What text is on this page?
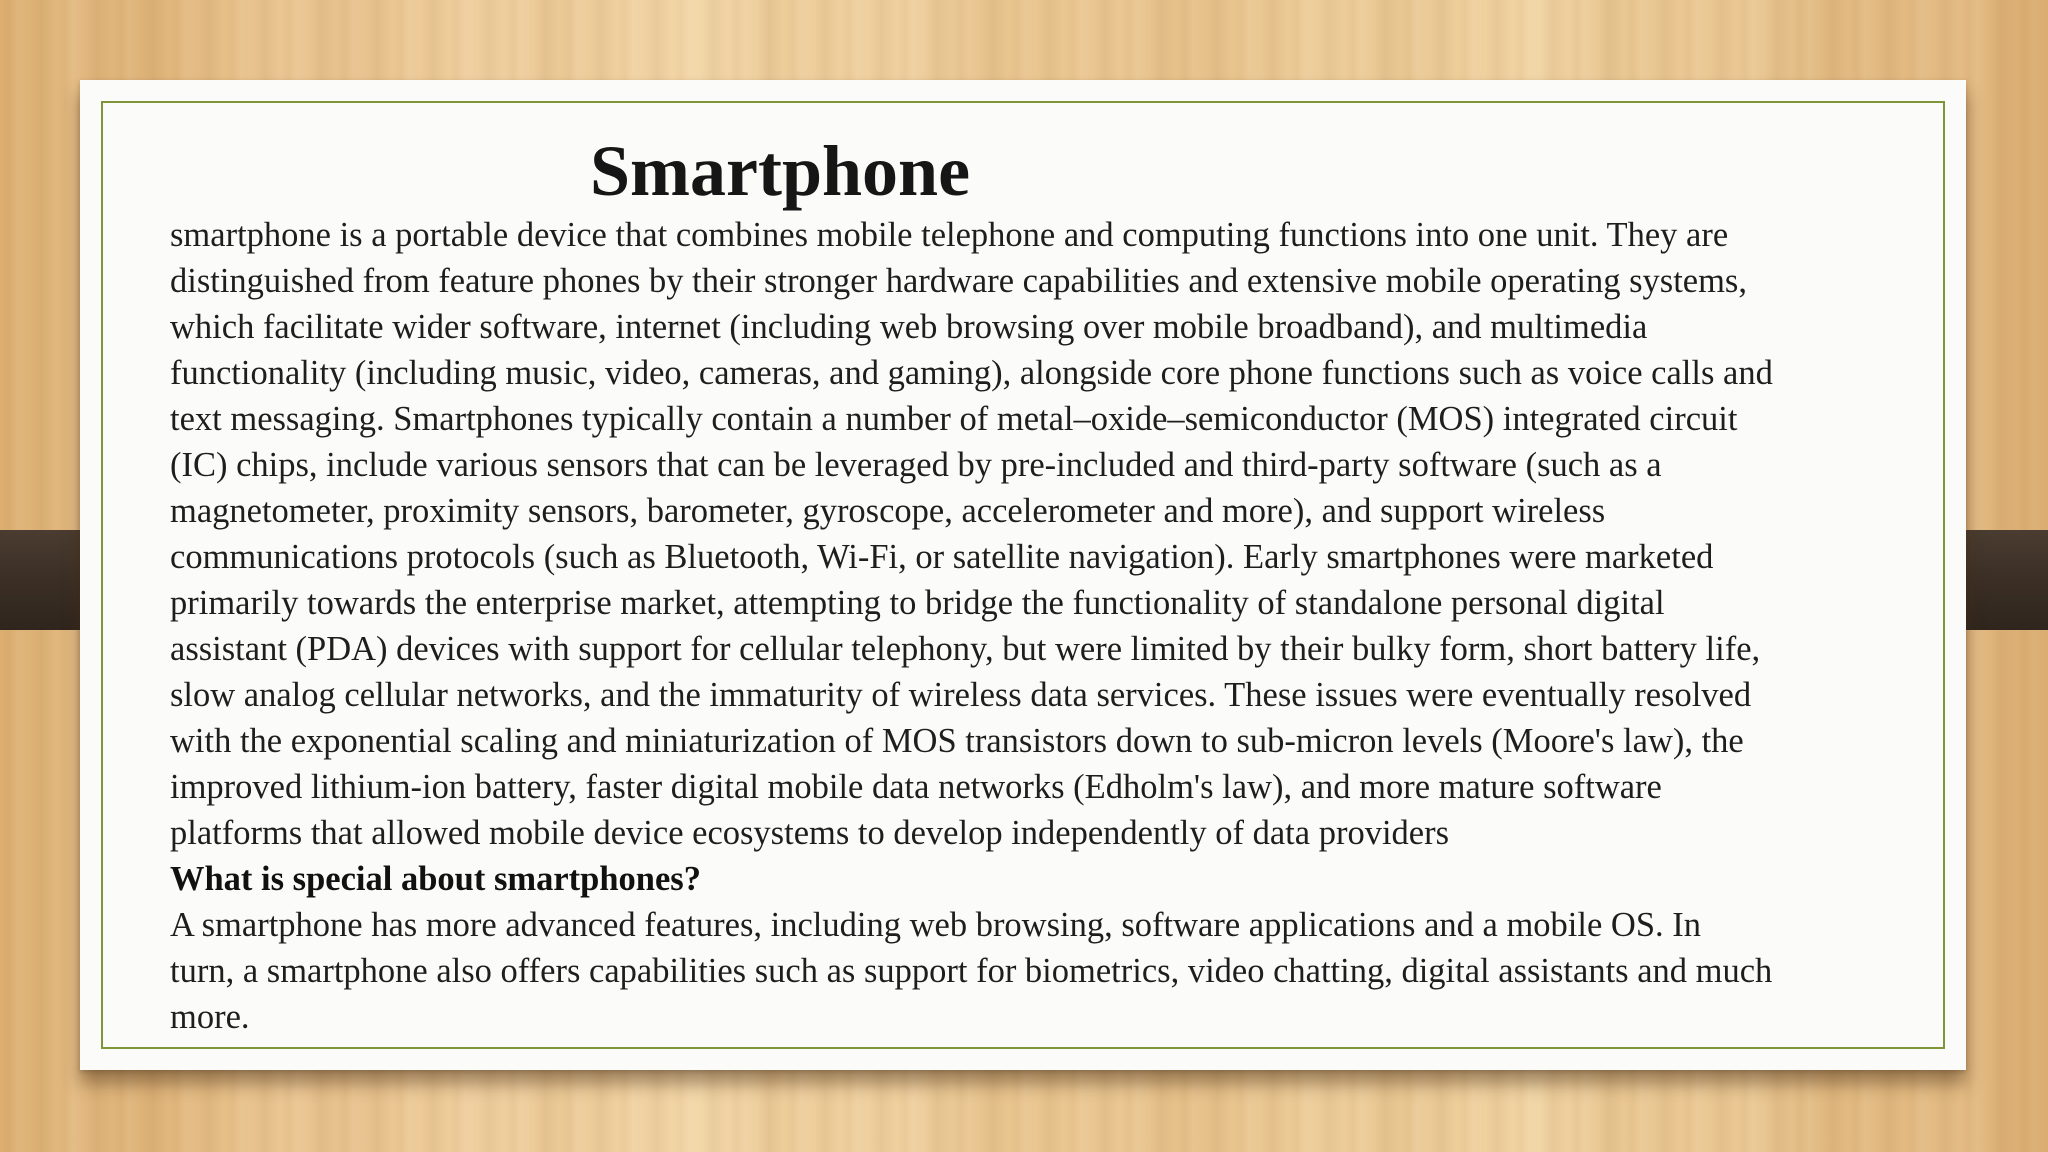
Smartphone

smartphone is a portable device that combines mobile telephone and computing functions into one unit. They are

distinguished from feature phones by their stronger hardware capabilities and extensive mobile operating systems,

which facilitate wider software, internet (including web browsing over mobile broadband), and multimedia

functionality (including music, video, cameras, and gaming), alongside core phone functions such as voice calls and

text messaging. Smartphones typically contain a number of metal–oxide–semiconductor (MOS) integrated circuit

(IC) chips, include various sensors that can be leveraged by pre-included and third-party software (such as a

magnetometer, proximity sensors, barometer, gyroscope, accelerometer and more), and support wireless

communications protocols (such as Bluetooth, Wi-Fi, or satellite navigation). Early smartphones were marketed

primarily towards the enterprise market, attempting to bridge the functionality of standalone personal digital

assistant (PDA) devices with support for cellular telephony, but were limited by their bulky form, short battery life,

slow analog cellular networks, and the immaturity of wireless data services. These issues were eventually resolved

with the exponential scaling and miniaturization of MOS transistors down to sub-micron levels (Moore's law), the

improved lithium-ion battery, faster digital mobile data networks (Edholm's law), and more mature software

platforms that allowed mobile device ecosystems to develop independently of data providers

What is special about smartphones?

A smartphone has more advanced features, including web browsing, software applications and a mobile OS. In

turn, a smartphone also offers capabilities such as support for biometrics, video chatting, digital assistants and much

more.
